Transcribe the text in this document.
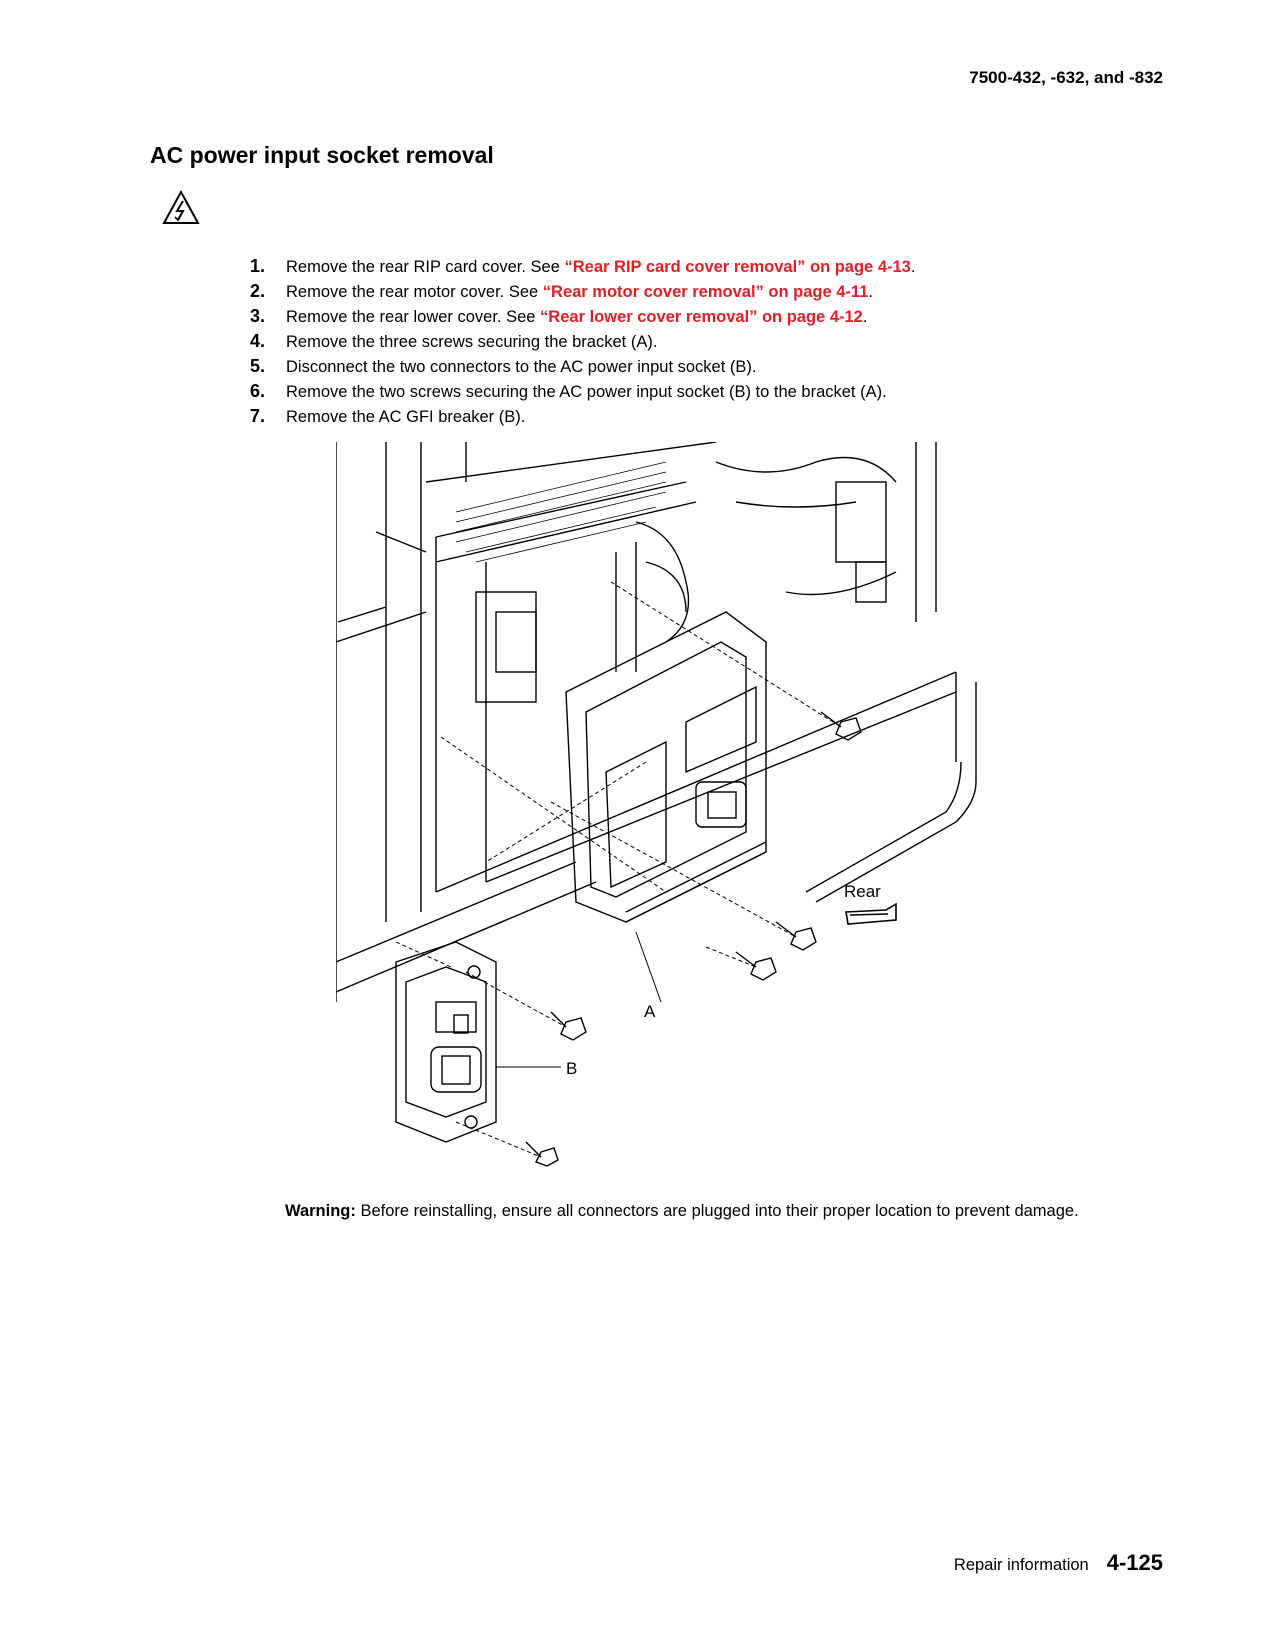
7500-432, -632, and -832
AC power input socket removal
1.	Remove the rear RIP card cover. See “Rear RIP card cover removal” on page 4-13.
2.	Remove the rear motor cover. See “Rear motor cover removal” on page 4-11.
3.	Remove the rear lower cover. See “Rear lower cover removal” on page 4-12.
4.	Remove the three screws securing the bracket (A).
5.	Disconnect the two connectors to the AC power input socket (B).
6.	Remove the two screws securing the AC power input socket (B) to the bracket (A).
7.	Remove the AC GFI breaker (B).
A
B
Rear

Warning: Before reinstalling, ensure all connectors are plugged into their proper location to prevent damage.

Repair information 4-125
